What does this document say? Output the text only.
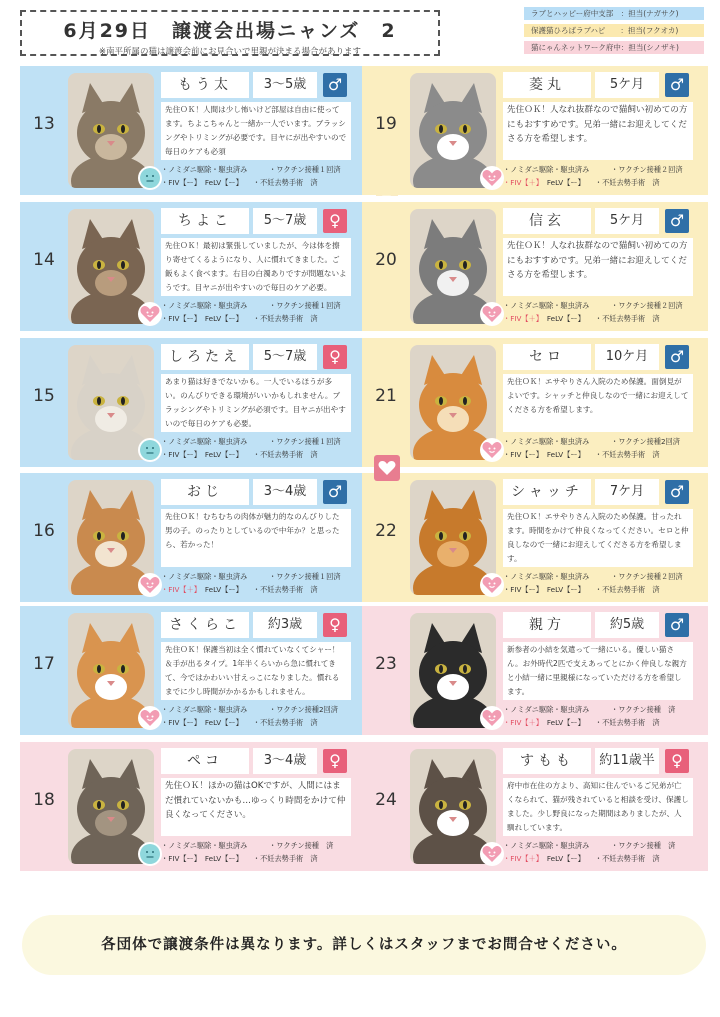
6月29日　譲渡会出場ニャンズ　2
※南平所属の猫は譲渡会前にお見合いで里親が決まる場合があります
ラブとハッピー府中支部　：担当(ナガサク)
保護猫ひろばラブハピ　　：担当(フクオカ)
猫にゃんネットワーク府中：担当(シノザキ)
13
もう太	3～5歳	♂
先住ＯＫ！人間は少し怖いけど部屋は自由に使ってます。ちよこちゃんと一緒か一人でいます。ブラッシングやトリミングが必要です。目ヤにが出やすいので毎日のケアも必須
・ノミダニ駆除・駆虫済み	・ワクチン接種１回済
・FIV【ー】 FeLV【ー】 ・不妊去勢手術　済
14
ちよこ	5～7歳	♀
先住ＯＫ！最初は緊張していましたが、今は体を擦り寄せてくるようになり、人に慣れてきました。ご飯もよく食べます。右目の白濁ありですが問題ないようです。目ヤニが出やすいので毎日のケア必要。
・ノミダニ駆除・駆虫済み	・ワクチン接種１回済
・FIV【ー】 FeLV【ー】 ・不妊去勢手術　済
15
しろたえ	5～7歳	♀
あまり猫は好きでないかも。一人でいるほうが多い。のんびりできる環境がいいかもしれません。ブラッシングやトリミングが必須です。目ヤニが出やすいので毎日のケアも必要。
・ノミダニ駆除・駆虫済み	・ワクチン接種１回済
・FIV【ー】 FeLV【ー】 ・不妊去勢手術　済
16
おじ	3～4歳	♂
先住ＯＫ！むちむちの肉体が魅力的なのんびりした男の子。のったりとしているので中年か？と思ったら、若かった！
・ノミダニ駆除・駆虫済み	・ワクチン接種１回済
・FIV【＋】 FeLV【ー】 ・不妊去勢手術　済
17
さくらこ	約3歳	♀
先住ＯＫ！保護当初は全く慣れていなくてシャー！＆手が出るタイプ。1年半くらいから急に慣れてきて、今ではかわいい甘えっこになりました。慣れるまでに少し時間がかかるかもしれません。
・ノミダニ駆除・駆虫済み	・ワクチン接種2回済
・FIV【ー】 FeLV【ー】 ・不妊去勢手術　済
18
ペコ	3～4歳	♀
先住ＯＫ！ほかの猫はOKですが、人間にはまだ慣れていないかも…ゆっくり時間をかけて仲良くなってください。
・ノミダニ駆除・駆虫済み	・ワクチン接種　済
・FIV【ー】 FeLV【ー】 ・不妊去勢手術　済
19
菱丸	5ケ月	♂
先住ＯＫ！人なれ抜群なので猫飼い初めての方にもおすすめです。兄弟一緒にお迎えしてくださる方を希望します。
・ノミダニ駆除・駆虫済み	・ワクチン接種２回済
・FIV【＋】 FeLV【ー】 ・不妊去勢手術　済
20
信玄	5ケ月	♂
先住ＯＫ！人なれ抜群なので猫飼い初めての方にもおすすめです。兄弟一緒にお迎えしてくださる方を希望します。
・ノミダニ駆除・駆虫済み	・ワクチン接種２回済
・FIV【＋】 FeLV【ー】 ・不妊去勢手術　済
21
セロ	10ケ月	♂
先住ＯＫ！エサやりさん入院のため保護。面倒見がよいです。シャッチと仲良しなので一緒にお迎えしてくださる方を希望します。
・ノミダニ駆除・駆虫済み	・ワクチン接種2回済
・FIV【ー】 FeLV【ー】 ・不妊去勢手術　済
22
シャッチ	7ケ月	♂
先住ＯＫ！エサやりさん入院のため保護。甘ったれます。時間をかけて仲良くなってください。セロと仲良しなので一緒にお迎えしてくださる方を希望します。
・ノミダニ駆除・駆虫済み	・ワクチン接種２回済
・FIV【ー】 FeLV【ー】 ・不妊去勢手術　済
23
親方	約5歳	♂
新参者の小結を気遣って一緒にいる。優しい猫さん。お外時代2匹で支えあってとにかく仲良しな親方と小結一緒に里親様になっていただける方を希望します。
・ノミダニ駆除・駆虫済み	・ワクチン接種　済
・FIV【＋】 FeLV【ー】 ・不妊去勢手術　済
24
すもも	約11歳半	♀
府中市在住の方より、高知に住んでいるご兄弟が亡くなられて、猫が残されていると相談を受け、保護しました。少し野良になった期間はありましたが、人馴れしています。
・ノミダニ駆除・駆虫済み	・ワクチン接種　済
・FIV【＋】 FeLV【ー】 ・不妊去勢手術　済
各団体で譲渡条件は異なります。詳しくはスタッフまでお問合せください。
